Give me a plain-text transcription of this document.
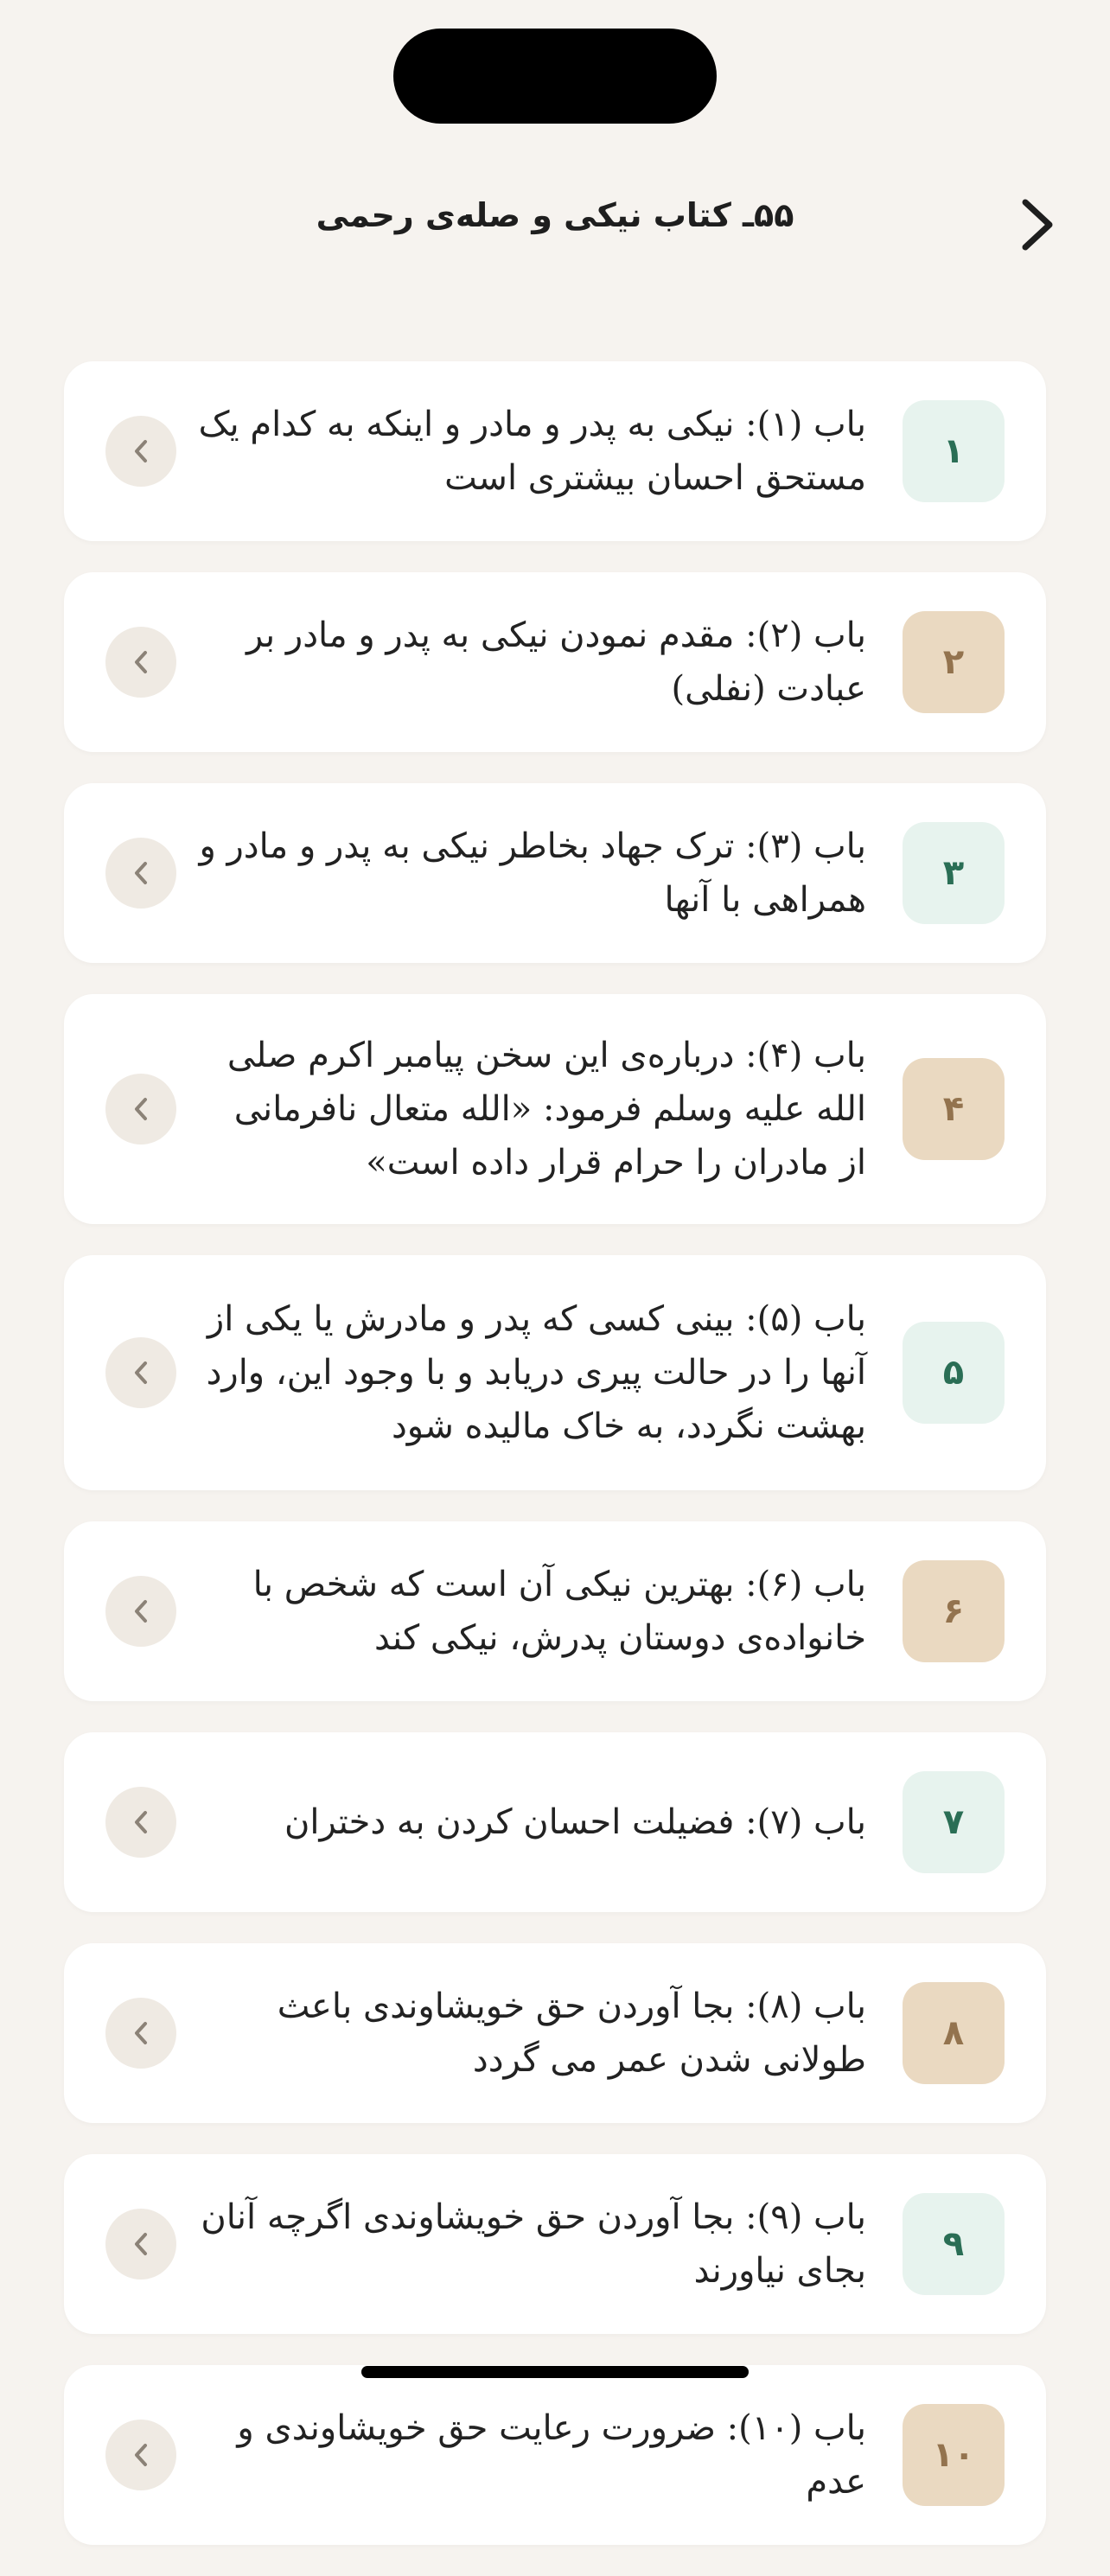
۵۵ـ کتاب نیکی و صله‌ی رحمی
۱
باب (۱): نیکی به پدر و مادر و اینکه به کدام یک مستحق احسان بیشتری است
۲
باب (۲): مقدم نمودن نیکی به پدر و مادر بر عبادت (نفلی)
۳
باب (۳): ترک جهاد بخاطر نیکی به پدر و مادر و همراهی با آنها
۴
باب (۴): درباره‌ی این سخن پیامبر اکرم صلى الله عليه وسلم فرمود: «الله متعال نافرمانی از مادران را حرام قرار داده است»
۵
باب (۵): بینی کسی که پدر و مادرش یا یکی از آنها را در حالت پیری دریابد و با وجود این، وارد بهشت نگردد، به خاک مالیده شود
۶
باب (۶): بهترین نیکی آن است که شخص با خانواده‌ی دوستان پدرش، نیکی کند
۷
باب (۷): فضیلت احسان کردن به دختران
۸
باب (۸): بجا آوردن حق خویشاوندی باعث طولانی شدن عمر می گردد
۹
باب (۹): بجا آوردن حق خویشاوندی اگرچه آنان بجای نیاورند
۱۰
باب (۱۰): ضرورت رعایت حق خویشاوندی و عدم
